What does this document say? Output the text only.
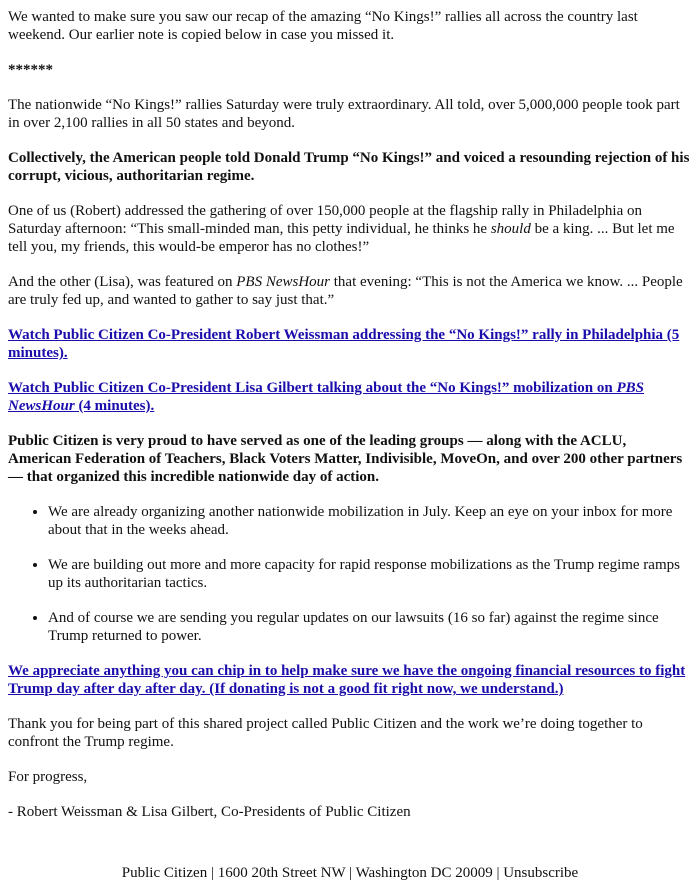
We wanted to make sure you saw our recap of the amazing “No Kings!” rallies all across the country last weekend. Our earlier note is copied below in case you missed it.

******

The nationwide “No Kings!” rallies Saturday were truly extraordinary. All told, over 5,000,000 people took part in over 2,100 rallies in all 50 states and beyond.

Collectively, the American people told Donald Trump “No Kings!” and voiced a resounding rejection of his corrupt, vicious, authoritarian regime.

One of us (Robert) addressed the gathering of over 150,000 people at the flagship rally in Philadelphia on Saturday afternoon: “This small-minded man, this petty individual, he thinks he should be a king. ... But let me tell you, my friends, this would-be emperor has no clothes!”

And the other (Lisa), was featured on PBS NewsHour that evening: “This is not the America we know. ... People are truly fed up, and wanted to gather to say just that.”

Watch Public Citizen Co-President Robert Weissman addressing the “No Kings!” rally in Philadelphia (5 minutes).

Watch Public Citizen Co-President Lisa Gilbert talking about the “No Kings!” mobilization on PBS NewsHour (4 minutes).

Public Citizen is very proud to have served as one of the leading groups — along with the ACLU, American Federation of Teachers, Black Voters Matter, Indivisible, MoveOn, and over 200 other partners — that organized this incredible nationwide day of action.

• We are already organizing another nationwide mobilization in July. Keep an eye on your inbox for more about that in the weeks ahead.
• We are building out more and more capacity for rapid response mobilizations as the Trump regime ramps up its authoritarian tactics.
• And of course we are sending you regular updates on our lawsuits (16 so far) against the regime since Trump returned to power.

We appreciate anything you can chip in to help make sure we have the ongoing financial resources to fight Trump day after day after day. (If donating is not a good fit right now, we understand.)

Thank you for being part of this shared project called Public Citizen and the work we’re doing together to confront the Trump regime.

For progress,

- Robert Weissman & Lisa Gilbert, Co-Presidents of Public Citizen

Public Citizen | 1600 20th Street NW | Washington DC 20009 | Unsubscribe
